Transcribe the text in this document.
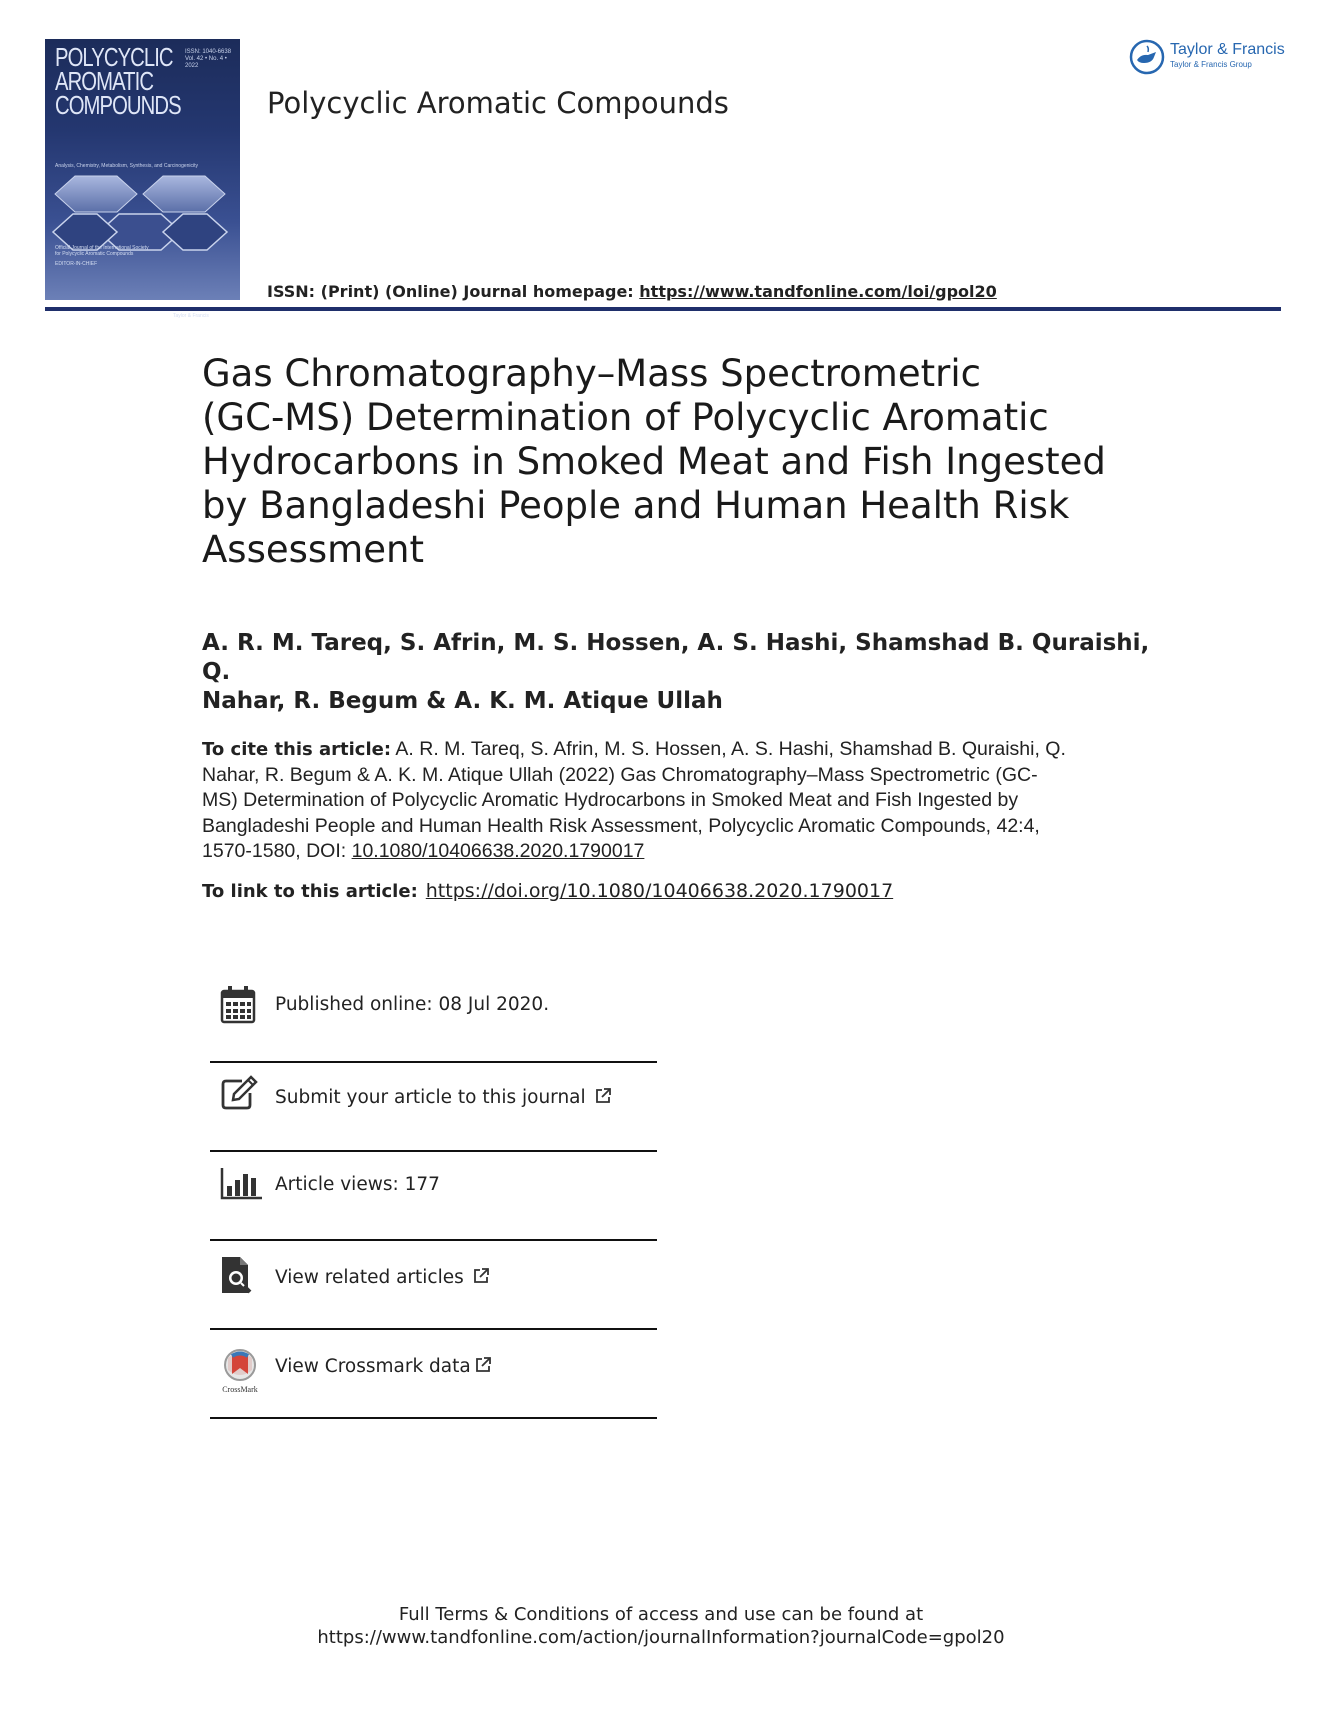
POLYCYCLIC
AROMATIC
COMPOUNDS
ISSN: 1040-6638
Vol. 42 • No. 4 • 2022
Analysis, Chemistry, Metabolism, Synthesis, and Carcinogenicity
Official Journal of the International Society for Polycyclic Aromatic Compounds
EDITOR-IN-CHIEF
Taylor & Francis
Polycyclic Aromatic Compounds
ISSN: (Print) (Online) Journal homepage: https://www.tandfonline.com/loi/gpol20
Taylor & Francis
Taylor & Francis Group
Gas Chromatography–Mass Spectrometric
(GC-MS) Determination of Polycyclic Aromatic
Hydrocarbons in Smoked Meat and Fish Ingested
by Bangladeshi People and Human Health Risk
Assessment
A. R. M. Tareq, S. Afrin, M. S. Hossen, A. S. Hashi, Shamshad B. Quraishi, Q.
Nahar, R. Begum & A. K. M. Atique Ullah
To cite this article: A. R. M. Tareq, S. Afrin, M. S. Hossen, A. S. Hashi, Shamshad B. Quraishi, Q.
Nahar, R. Begum & A. K. M. Atique Ullah (2022) Gas Chromatography–Mass Spectrometric (GC-
MS) Determination of Polycyclic Aromatic Hydrocarbons in Smoked Meat and Fish Ingested by
Bangladeshi People and Human Health Risk Assessment, Polycyclic Aromatic Compounds, 42:4,
1570-1580, DOI: 10.1080/10406638.2020.1790017
To link to this article: https://doi.org/10.1080/10406638.2020.1790017
Published online: 08 Jul 2020.
Submit your article to this journal
Article views: 177
View related articles
CrossMark
View Crossmark data
Full Terms & Conditions of access and use can be found at
https://www.tandfonline.com/action/journalInformation?journalCode=gpol20
